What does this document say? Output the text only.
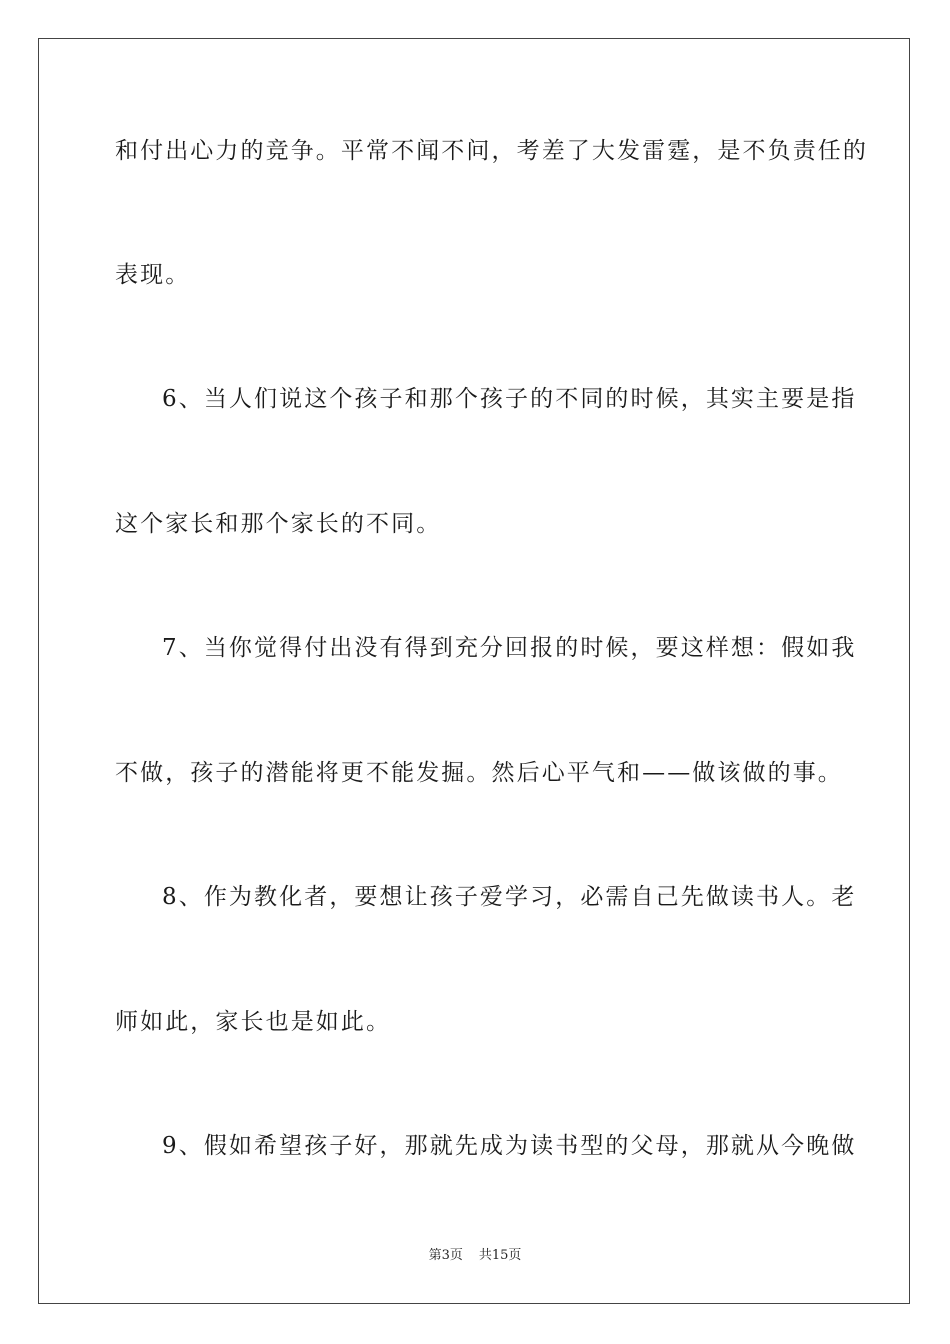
和付出心力的竞争。平常不闻不问，考差了大发雷霆，是不负责任的
表现。
6、当人们说这个孩子和那个孩子的不同的时候，其实主要是指
这个家长和那个家长的不同。
7、当你觉得付出没有得到充分回报的时候，要这样想：假如我
不做，孩子的潜能将更不能发掘。然后心平气和——做该做的事。
8、作为教化者，要想让孩子爱学习，必需自己先做读书人。老
师如此，家长也是如此。
9、假如希望孩子好，那就先成为读书型的父母，那就从今晚做
第3页 共15页
